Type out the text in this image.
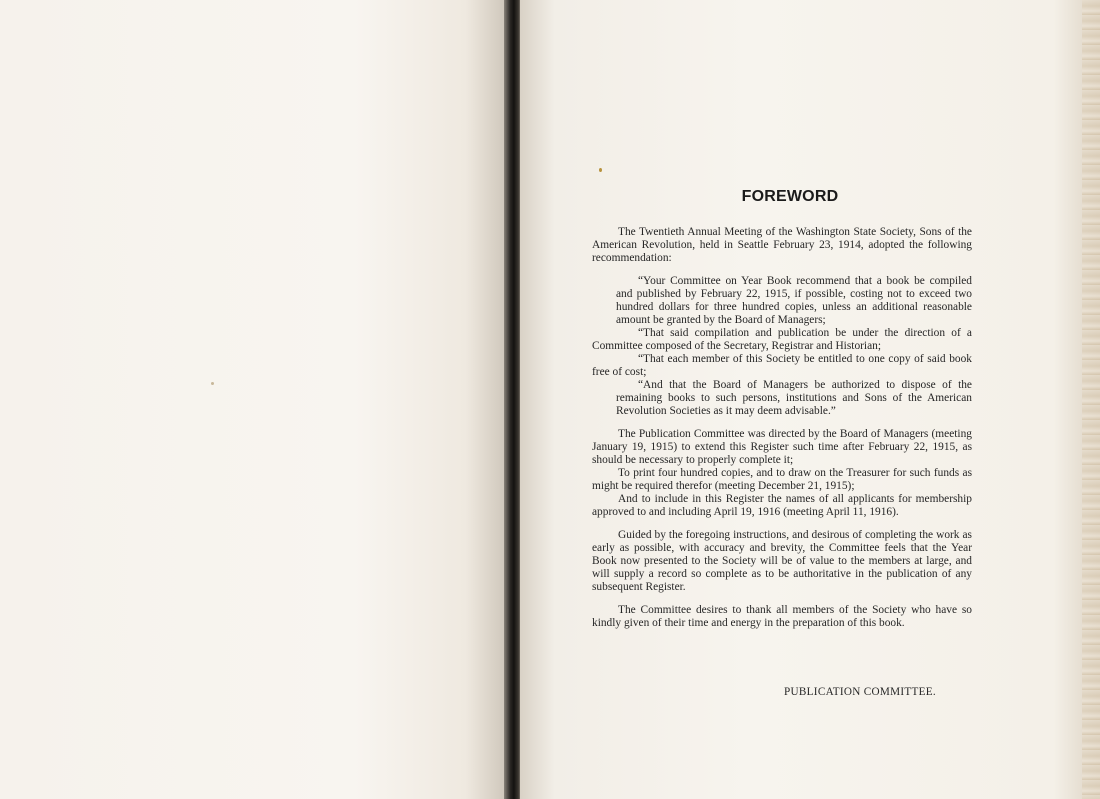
FOREWORD

The Twentieth Annual Meeting of the Washington State Society, Sons of the American Revolution, held in Seattle February 23, 1914, adopted the following recommendation:

“Your Committee on Year Book recommend that a book be compiled and published by February 22, 1915, if possible, costing not to exceed two hundred dollars for three hundred copies, unless an additional reasonable amount be granted by the Board of Managers;

“That said compilation and publication be under the direction of a Committee composed of the Secretary, Registrar and Historian;

“That each member of this Society be entitled to one copy of said book free of cost;

“And that the Board of Managers be authorized to dispose of the remaining books to such persons, institutions and Sons of the American Revolution Societies as it may deem advisable.”

The Publication Committee was directed by the Board of Managers (meeting January 19, 1915) to extend this Register such time after February 22, 1915, as should be necessary to properly complete it;

To print four hundred copies, and to draw on the Treasurer for such funds as might be required therefor (meeting December 21, 1915);

And to include in this Register the names of all applicants for membership approved to and including April 19, 1916 (meeting April 11, 1916).

Guided by the foregoing instructions, and desirous of completing the work as early as possible, with accuracy and brevity, the Committee feels that the Year Book now presented to the Society will be of value to the members at large, and will supply a record so complete as to be authoritative in the publication of any subsequent Register.

The Committee desires to thank all members of the Society who have so kindly given of their time and energy in the preparation of this book.

PUBLICATION COMMITTEE.
